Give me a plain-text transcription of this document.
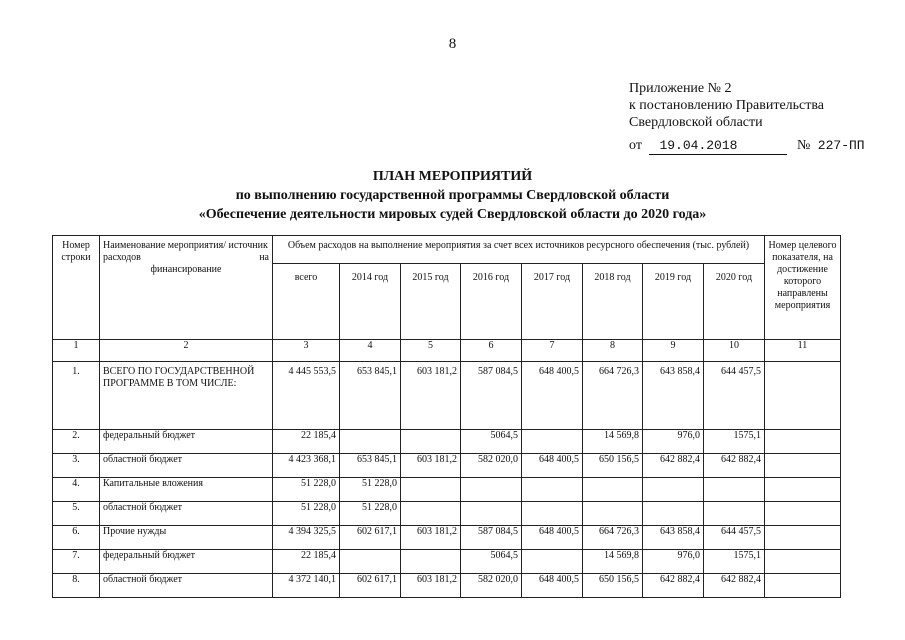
8
Приложение № 2
к постановлению Правительства
Свердловской области
от 19.04.2018	№ 227-ПП
ПЛАН МЕРОПРИЯТИЙ
по выполнению государственной программы Свердловской области
«Обеспечение деятельности мировых судей Свердловской области до 2020 года»
Номер строки	Наименование мероприятия/ источник расходов на
финансирование	Объем расходов на выполнение мероприятия за счет всех источников ресурсного обеспечения (тыс. рублей)								Номер целевого показателя, на достижение которого направлены мероприятия
		всего	2014 год	2015 год	2016 год	2017 год	2018 год	2019 год	2020 год	
1	2	3	4	5	6	7	8	9	10	11
1.	ВСЕГО ПО ГОСУДАРСТВЕННОЙ ПРОГРАММЕ В ТОМ ЧИСЛЕ:	4 445 553,5	653 845,1	603 181,2	587 084,5	648 400,5	664 726,3	643 858,4	644 457,5	
2.	федеральный бюджет	22 185,4			5064,5		14 569,8	976,0	1575,1	
3.	областной бюджет	4 423 368,1	653 845,1	603 181,2	582 020,0	648 400,5	650 156,5	642 882,4	642 882,4	
4.	Капитальные вложения	51 228,0	51 228,0							
5.	областной бюджет	51 228,0	51 228,0							
6.	Прочие нужды	4 394 325,5	602 617,1	603 181,2	587 084,5	648 400,5	664 726,3	643 858,4	644 457,5	
7.	федеральный бюджет	22 185,4			5064,5		14 569,8	976,0	1575,1	
8.	областной бюджет	4 372 140,1	602 617,1	603 181,2	582 020,0	648 400,5	650 156,5	642 882,4	642 882,4	
